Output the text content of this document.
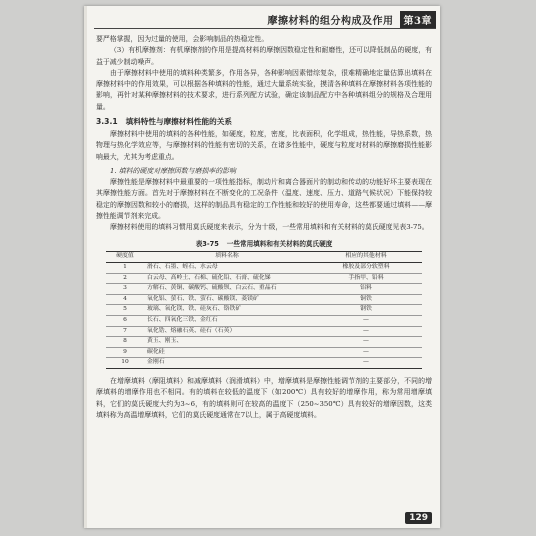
摩擦材料的组分构成及作用	第3章

要严格掌握，因为过量的使用，会影响制品的热稳定性。

（3）有机摩擦剂：有机摩擦剂的作用是提高材料的摩擦因数稳定性和耐磨性，还可以降低制品的硬度，有益于减少制动噪声。

由于摩擦材料中使用的填料种类繁多，作用各异，各种影响因素错综复杂，很难精确地定量估算出填料在摩擦材料中的作用效果，可以根据各种填料的性能，通过大量系统实验，摸清各种填料在摩擦材料各项性能的影响，再针对某种摩擦材料的技术要求，进行系列配方试验，确定该制品配方中各种填料组分的规格及合理用量。

3.3.1 填料特性与摩擦材料性能的关系

摩擦材料中使用的填料的各种性能，如硬度，粒度，密度，比表面积，化学组成，热性能，导热系数，热物理与热化学效应等，与摩擦材料的性能有密切的关系，在诸多性能中，硬度与粒度对材料的摩擦磨损性能影响最大，尤其为考虑重点。

1. 填料的硬度对摩擦因数与磨损率的影响

摩擦性能是摩擦材料中最重要的一项性能指标，制动片和离合器面片的制动和传动的功能好坏主要表现在其摩擦性能方面。首先对于摩擦材料在不断变化的工况条件（温度、速度、压力、道路气候状况）下能保持较稳定的摩擦因数和较小的磨损，这样的制品具有稳定的工作性能和较好的使用寿命，这些都要通过填料——摩擦性能调节剂来完成。

摩擦材料使用的填料习惯用莫氏硬度来表示，分为十级，一些常用填料和有关材料的莫氏硬度见表3-75。

表3-75 一些常用填料和有关材料的莫氏硬度
硬度值	填料名称	相应的其他材料
1	滑石、石墨、蛭石、水云母	橡胶及部分软塑料
2	白云母、高岭土、石棉、硫化铅、石膏、硫化锑	手指甲、铅料
3	方解石、黄铜、碳酸钙、硫酸钡、白云石、重晶石	铝料
4	氧化铝、萤石、铁、萤石、碳酸镁、菱镁矿	铜铁
5	玻璃、氧化镁、铁、硅灰石、铬铁矿	钢铁
6	长石、四氧化三铁、金红石	—
7	氧化锆、熔融石英、硅石（石英）	—
8	黄玉、刚玉、	—
9	碳化硅	—
10	金刚石	—

在增摩填料（摩阻填料）和减摩填料（润滑填料）中，增摩填料是摩擦性能调节剂的主要部分，不同的增摩填料的增摩作用也不相同。有的填料在较低的温度下（如200℃）具有较好的增摩作用，称为常用增摩填料，它们的莫氏硬度大约为3~6，有的填料则可在较高的温度下（250~350℃）具有较好的增摩因数，这类填料称为高温增摩填料，它们的莫氏硬度通常在7以上，属于高硬度填料。

129
